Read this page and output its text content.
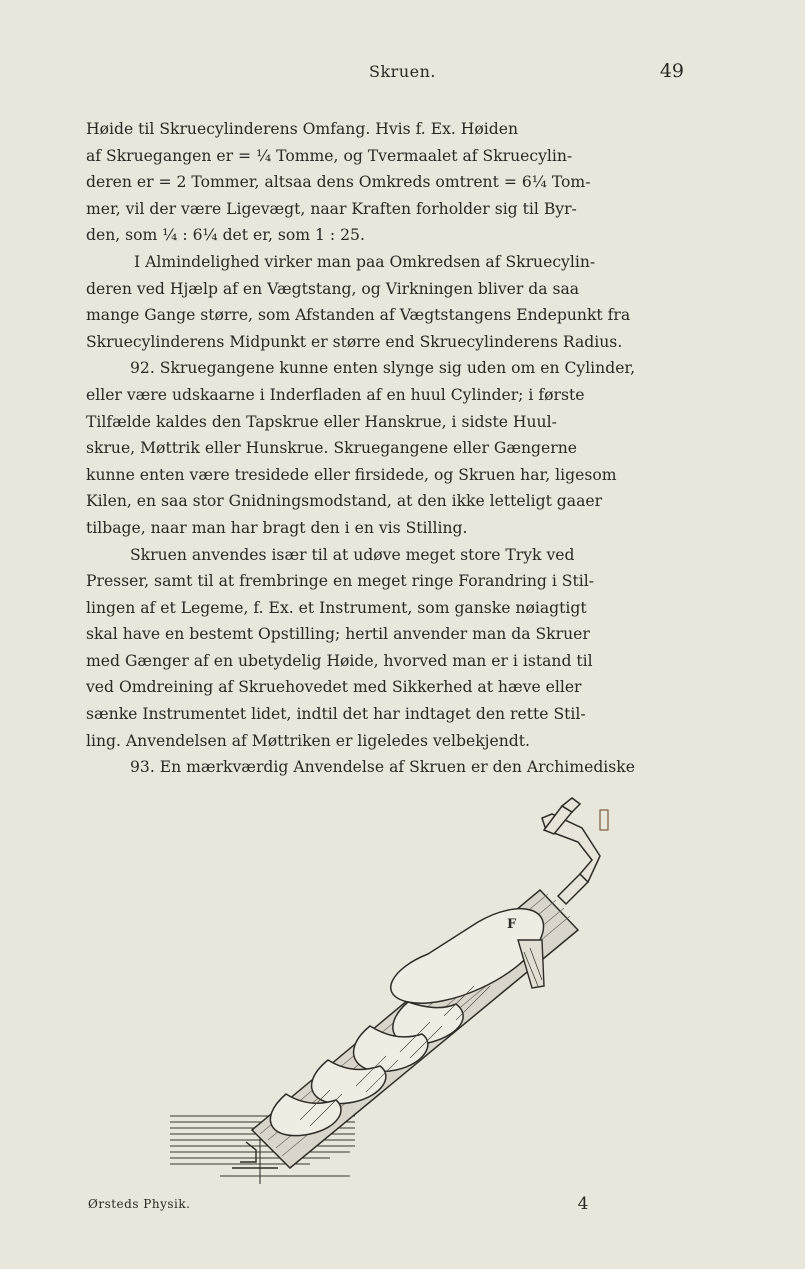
Skruen.	49
Høide til Skruecylinderens Omfang. Hvis f. Ex. Høiden
af Skruegangen er = ¼ Tomme, og Tvermaalet af Skruecylin-
deren er = 2 Tommer, altsaa dens Omkreds omtrent = 6¼ Tom-
mer, vil der være Ligevægt, naar Kraften forholder sig til Byr-
den, som ¼ : 6¼ det er, som 1 : 25.
I Almindelighed virker man paa Omkredsen af Skruecylin-
deren ved Hjælp af en Vægtstang, og Virkningen bliver da saa
mange Gange større, som Afstanden af Vægtstangens Endepunkt fra
Skruecylinderens Midpunkt er større end Skruecylinderens Radius.
92. Skruegangene kunne enten slynge sig uden om en Cylinder,
eller være udskaarne i Inderfladen af en huul Cylinder; i første
Tilfælde kaldes den Tapskrue eller Hanskrue, i sidste Huul-
skrue, Møttrik eller Hunskrue. Skruegangene eller Gængerne
kunne enten være tresidede eller firsidede, og Skruen har, ligesom
Kilen, en saa stor Gnidningsmodstand, at den ikke letteligt gaaer
tilbage, naar man har bragt den i en vis Stilling.
Skruen anvendes især til at udøve meget store Tryk ved
Presser, samt til at frembringe en meget ringe Forandring i Stil-
lingen af et Legeme, f. Ex. et Instrument, som ganske nøiagtigt
skal have en bestemt Opstilling; hertil anvender man da Skruer
med Gænger af en ubetydelig Høide, hvorved man er i istand til
ved Omdreining af Skruehovedet med Sikkerhed at hæve eller
sænke Instrumentet lidet, indtil det har indtaget den rette Stil-
ling. Anvendelsen af Møttriken er ligeledes velbekjendt.
93. En mærkværdig Anvendelse af Skruen er den Archimediske
F
Ørsteds Physik.	4
